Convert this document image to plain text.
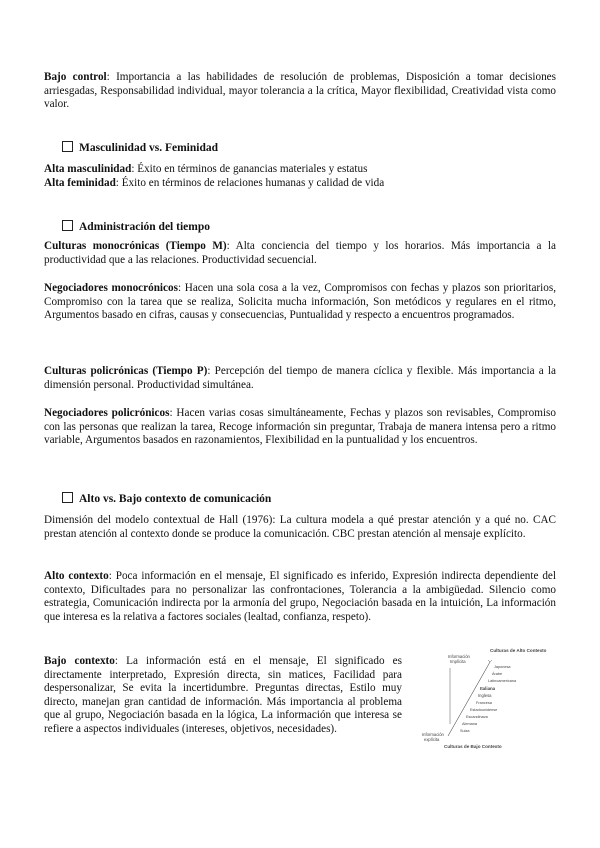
Bajo control: Importancia a las habilidades de resolución de problemas, Disposición a tomar decisiones arriesgadas, Responsabilidad individual, mayor tolerancia a la crítica, Mayor flexibilidad, Creatividad vista como valor.

Masculinidad vs. Feminidad

Alta masculinidad: Éxito en términos de ganancias materiales y estatus

Alta feminidad: Éxito en términos de relaciones humanas y calidad de vida

Administración del tiempo

Culturas monocrónicas (Tiempo M): Alta conciencia del tiempo y los horarios. Más importancia a la productividad que a las relaciones. Productividad secuencial.

Negociadores monocrónicos: Hacen una sola cosa a la vez, Compromisos con fechas y plazos son prioritarios, Compromiso con la tarea que se realiza, Solicita mucha información, Son metódicos y regulares en el ritmo, Argumentos basado en cifras, causas y consecuencias, Puntualidad y respecto a encuentros programados.

Culturas policrónicas (Tiempo P): Percepción del tiempo de manera cíclica y flexible. Más importancia a la dimensión personal. Productividad simultánea.

Negociadores policrónicos: Hacen varias cosas simultáneamente, Fechas y plazos son revisables, Compromiso con las personas que realizan la tarea, Recoge información sin preguntar, Trabaja de manera intensa pero a ritmo variable, Argumentos basados en razonamientos, Flexibilidad en la puntualidad y los encuentros.

Alto vs. Bajo contexto de comunicación

Dimensión del modelo contextual de Hall (1976): La cultura modela a qué prestar atención y a qué no. CAC prestan atención al contexto donde se produce la comunicación. CBC prestan atención al mensaje explícito.

Alto contexto: Poca información en el mensaje, El significado es inferido, Expresión indirecta dependiente del contexto, Dificultades para no personalizar las confrontaciones, Tolerancia a la ambigüedad. Silencio como estrategia, Comunicación indirecta por la armonía del grupo, Negociación basada en la intuición, La información que interesa es la relativa a factores sociales (lealtad, confianza, respeto).

Bajo contexto: La información está en el mensaje, El significado es directamente interpretado, Expresión directa, sin matices, Facilidad para despersonalizar, Se evita la incertidumbre. Preguntas directas, Estilo muy directo, manejan gran cantidad de información. Más importancia al problema que al grupo, Negociación basada en la lógica, La información que interesa se refiere a aspectos individuales (intereses, objetivos, necesidades).

Culturas de Alto Contexto
Información
Implícita
Japonesa
Árabe
Latinoamericana
Italiana
Inglesa
Francesa
Estadounidense
Escandinava
Alemana
Suiza
Información
explícita
Culturas de Bajo Contexto
